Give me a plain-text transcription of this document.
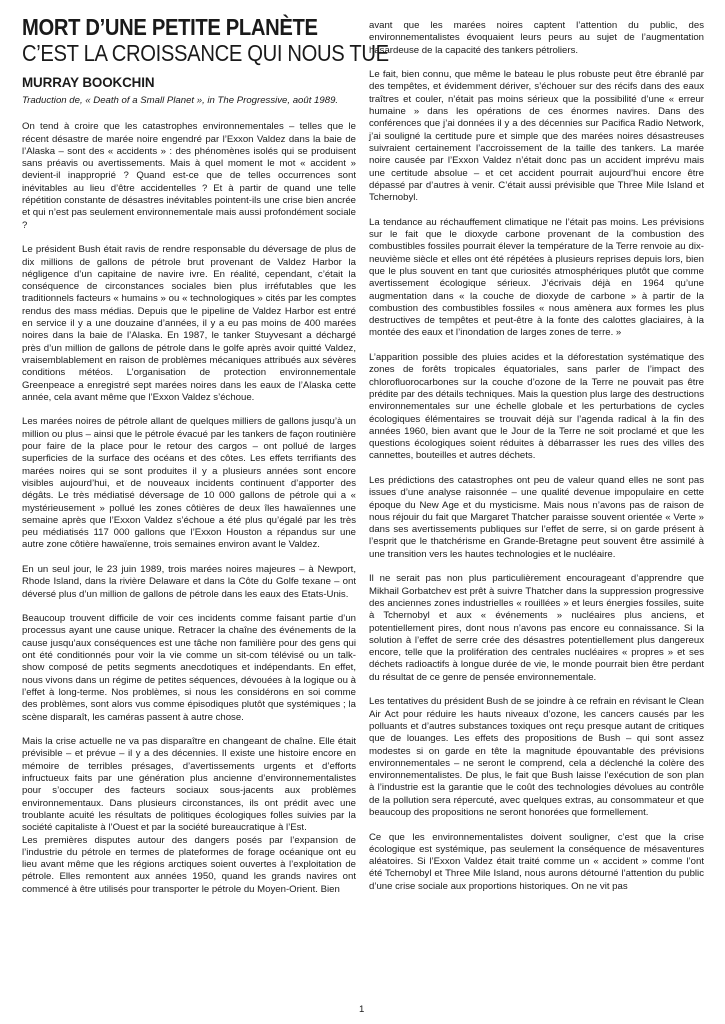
MORT D’UNE PETITE PLANÈTE
C’EST LA CROISSANCE QUI NOUS TUE
MURRAY BOOKCHIN
Traduction de, « Death of a Small Planet », in The Progressive, août 1989.

On tend à croire que les catastrophes environnementales – telles que le récent désastre de marée noire engendré par l’Exxon Valdez dans la baie de l’Alaska – sont des « accidents » : des phénomènes isolés qui se produisent sans préavis ou avertissements. Mais à quel moment le mot « accident » devient-il inapproprié ? Quand est-ce que de telles occurrences sont inévitables au lieu d’être accidentelles ? Et à partir de quand une telle répétition constante de désastres inévitables pointent-ils une crise bien ancrée et qui n’est pas seulement environnementale mais aussi profondément sociale ?

Le président Bush était ravis de rendre responsable du déversage de plus de dix millions de gallons de pétrole brut provenant de Valdez Harbor la négligence d’un capitaine de navire ivre. En réalité, cependant, c’était la conséquence de circonstances sociales bien plus irréfutables que les traditionnels facteurs « humains » ou « technologiques » cités par les comptes rendus des mass médias. Depuis que le pipeline de Valdez Harbor est entré en service il y a une douzaine d’années, il y a eu pas moins de 400 marées noires dans la baie de l’Alaska. En 1987, le tanker Stuyvesant a déchargé près d’un million de gallons de pétrole dans le golfe après avoir quitté Valdez, vraisemblablement en raison de problèmes mécaniques attribués aux sévères conditions météos. L’organisation de protection environnementale Greenpeace a enregistré sept marées noires dans les eaux de l’Alaska cette année, cela avant même que l’Exxon Valdez s’échoue.

Les marées noires de pétrole allant de quelques milliers de gallons jusqu’à un million ou plus – ainsi que le pétrole évacué par les tankers de façon routinière pour faire de la place pour le retour des cargos – ont pollué de larges superficies de la surface des océans et des côtes. Les effets terrifiants des marées noires qui se sont produites il y a plusieurs années sont encore visibles aujourd’hui, et de nouveaux incidents continuent d’apporter des dégâts. Le très médiatisé déversage de 10 000 gallons de pétrole qui a « mystérieusement » pollué les zones côtières de deux îles hawaïennes une semaine après que l’Exxon Valdez s’échoue a été plus qu’égalé par les très peu médiatisés 117 000 gallons que l’Exxon Houston a répandus sur une autre zone côtière hawaïenne, trois semaines environ avant le Valdez.

En un seul jour, le 23 juin 1989, trois marées noires majeures – à Newport, Rhode Island, dans la rivière Delaware et dans la Côte du Golfe texane – ont déversé plus d’un million de gallons de pétrole dans les eaux des Etats-Unis.

Beaucoup trouvent difficile de voir ces incidents comme faisant partie d’un processus ayant une cause unique. Retracer la chaîne des événements de la cause jusqu’aux conséquences est une tâche non familière pour des gens qui ont été conditionnés pour voir la vie comme un sit-com télévisé ou un talk-show composé de petits segments anecdotiques et indépendants. En effet, nous vivons dans un régime de petites séquences, dévouées à la logique ou à l’effet à long-terme. Nos problèmes, si nous les considérons en soi comme des problèmes, sont alors vus comme épisodiques plutôt que systémiques ; la scène disparaît, les caméras passent à autre chose.

Mais la crise actuelle ne va pas disparaître en changeant de chaîne. Elle était prévisible – et prévue – il y a des décennies. Il existe une histoire encore en mémoire de terribles présages, d’avertissements urgents et d’efforts infructueux faits par une génération plus ancienne d’environnementalistes pour s’occuper des facteurs sociaux sous-jacents aux problèmes environnementaux. Dans plusieurs circonstances, ils ont prédit avec une troublante acuité les résultats de politiques écologiques folles suivies par la société capitaliste à l’Ouest et par la société bureaucratique à l’Est.

Les premières disputes autour des dangers posés par l’expansion de l’industrie du pétrole en termes de plateformes de forage océanique ont eu lieu avant même que les régions arctiques soient ouvertes à l’exploitation de pétrole. Elles remontent aux années 1950, quand les grands navires ont commencé à être utilisés pour transporter le pétrole du Moyen-Orient. Bien

avant que les marées noires captent l’attention du public, des environnementalistes évoquaient leurs peurs au sujet de l’augmentation hasardeuse de la capacité des tankers pétroliers.

Le fait, bien connu, que même le bateau le plus robuste peut être ébranlé par des tempêtes, et évidemment dériver, s’échouer sur des récifs dans des eaux traîtres et couler, n’était pas moins sérieux que la possibilité d’une « erreur humaine » dans les opérations de ces énormes navires. Dans des conférences que j’ai données il y a des décennies sur Pacifica Radio Network, j’ai souligné la certitude pure et simple que des marées noires désastreuses suivraient certainement l’accroissement de la taille des tankers. La marée noire causée par l’Exxon Valdez n’était donc pas un accident imprévu mais une certitude absolue – et cet accident pourrait aujourd’hui encore être dépassé par d’autres à venir. C’était aussi prévisible que Three Mile Island et Tchernobyl.

La tendance au réchauffement climatique ne l’était pas moins. Les prévisions sur le fait que le dioxyde carbone provenant de la combustion des combustibles fossiles pourrait élever la température de la Terre renvoie au dix-neuvième siècle et elles ont été répétées à plusieurs reprises depuis lors, bien que le plus souvent en tant que curiosités atmosphériques plutôt que comme avertissement écologique sérieux. J’écrivais déjà en 1964 qu’une augmentation dans « la couche de dioxyde de carbone » à partir de la combustion des combustibles fossiles « nous amènera aux formes les plus destructives de tempêtes et peut-être à la fonte des calottes glaciaires, à la montée des eaux et l’inondation de larges zones de terre. »

L’apparition possible des pluies acides et la déforestation systématique des zones de forêts tropicales équatoriales, sans parler de l’impact des chlorofluorocarbones sur la couche d’ozone de la Terre ne pouvait pas être prédite par des détails techniques. Mais la question plus large des destructions environnementales sur une échelle globale et les perturbations de cycles écologiques élémentaires se trouvait déjà sur l’agenda radical à la fin des années 1960, bien avant que le Jour de la Terre ne soit proclamé et que les questions écologiques soient réduites à débarrasser les rues des villes des cannettes, bouteilles et autres déchets.

Les prédictions des catastrophes ont peu de valeur quand elles ne sont pas issues d’une analyse raisonnée – une qualité devenue impopulaire en cette époque du New Age et du mysticisme. Mais nous n’avons pas de raison de nous réjouir du fait que Margaret Thatcher paraisse souvent orientée « Verte » dans ses avertissements publiques sur l’effet de serre, si on garde présent à l’esprit que le thatchérisme en Grande-Bretagne peut souvent être assimilé à une transition vers les hautes technologies et le nucléaire.

Il ne serait pas non plus particulièrement encourageant d’apprendre que Mikhail Gorbatchev est prêt à suivre Thatcher dans la suppression progressive des anciennes zones industrielles « rouillées » et leurs énergies fossiles, suite à Tchernobyl et aux « événements » nucléaires plus anciens, et potentiellement pires, dont nous n’avons pas encore eu connaissance. Si la solution à l’effet de serre crée des désastres potentiellement plus dangereux encore, telle que la prolifération des centrales nucléaires « propres » et ses déchets radioactifs à longue durée de vie, le monde pourrait bien être perdant du résultat de ce genre de pensée environnementale.

Les tentatives du président Bush de se joindre à ce refrain en révisant le Clean Air Act pour réduire les hauts niveaux d’ozone, les cancers causés par les polluants et d’autres substances toxiques ont reçu presque autant de critiques que de louanges. Les effets des propositions de Bush – qui sont assez modestes si on garde en tête la magnitude épouvantable des prévisions environnementales – ne seront le comprend, cela a déclenché la colère des environnementalistes. De plus, le fait que Bush laisse l’exécution de son plan à l’industrie est la garantie que le coût des technologies dévolues au contrôle de la pollution sera répercuté, avec quelques extras, au consommateur et que beaucoup des propositions ne seront honorées que formellement.

Ce que les environnementalistes doivent souligner, c’est que la crise écologique est systémique, pas seulement la conséquence de mésaventures aléatoires. Si l’Exxon Valdez était traité comme un « accident » comme l’ont été Tchernobyl et Three Mile Island, nous aurons détourné l’attention du public d’une crise sociale aux proportions historiques. On ne vit pas

1
